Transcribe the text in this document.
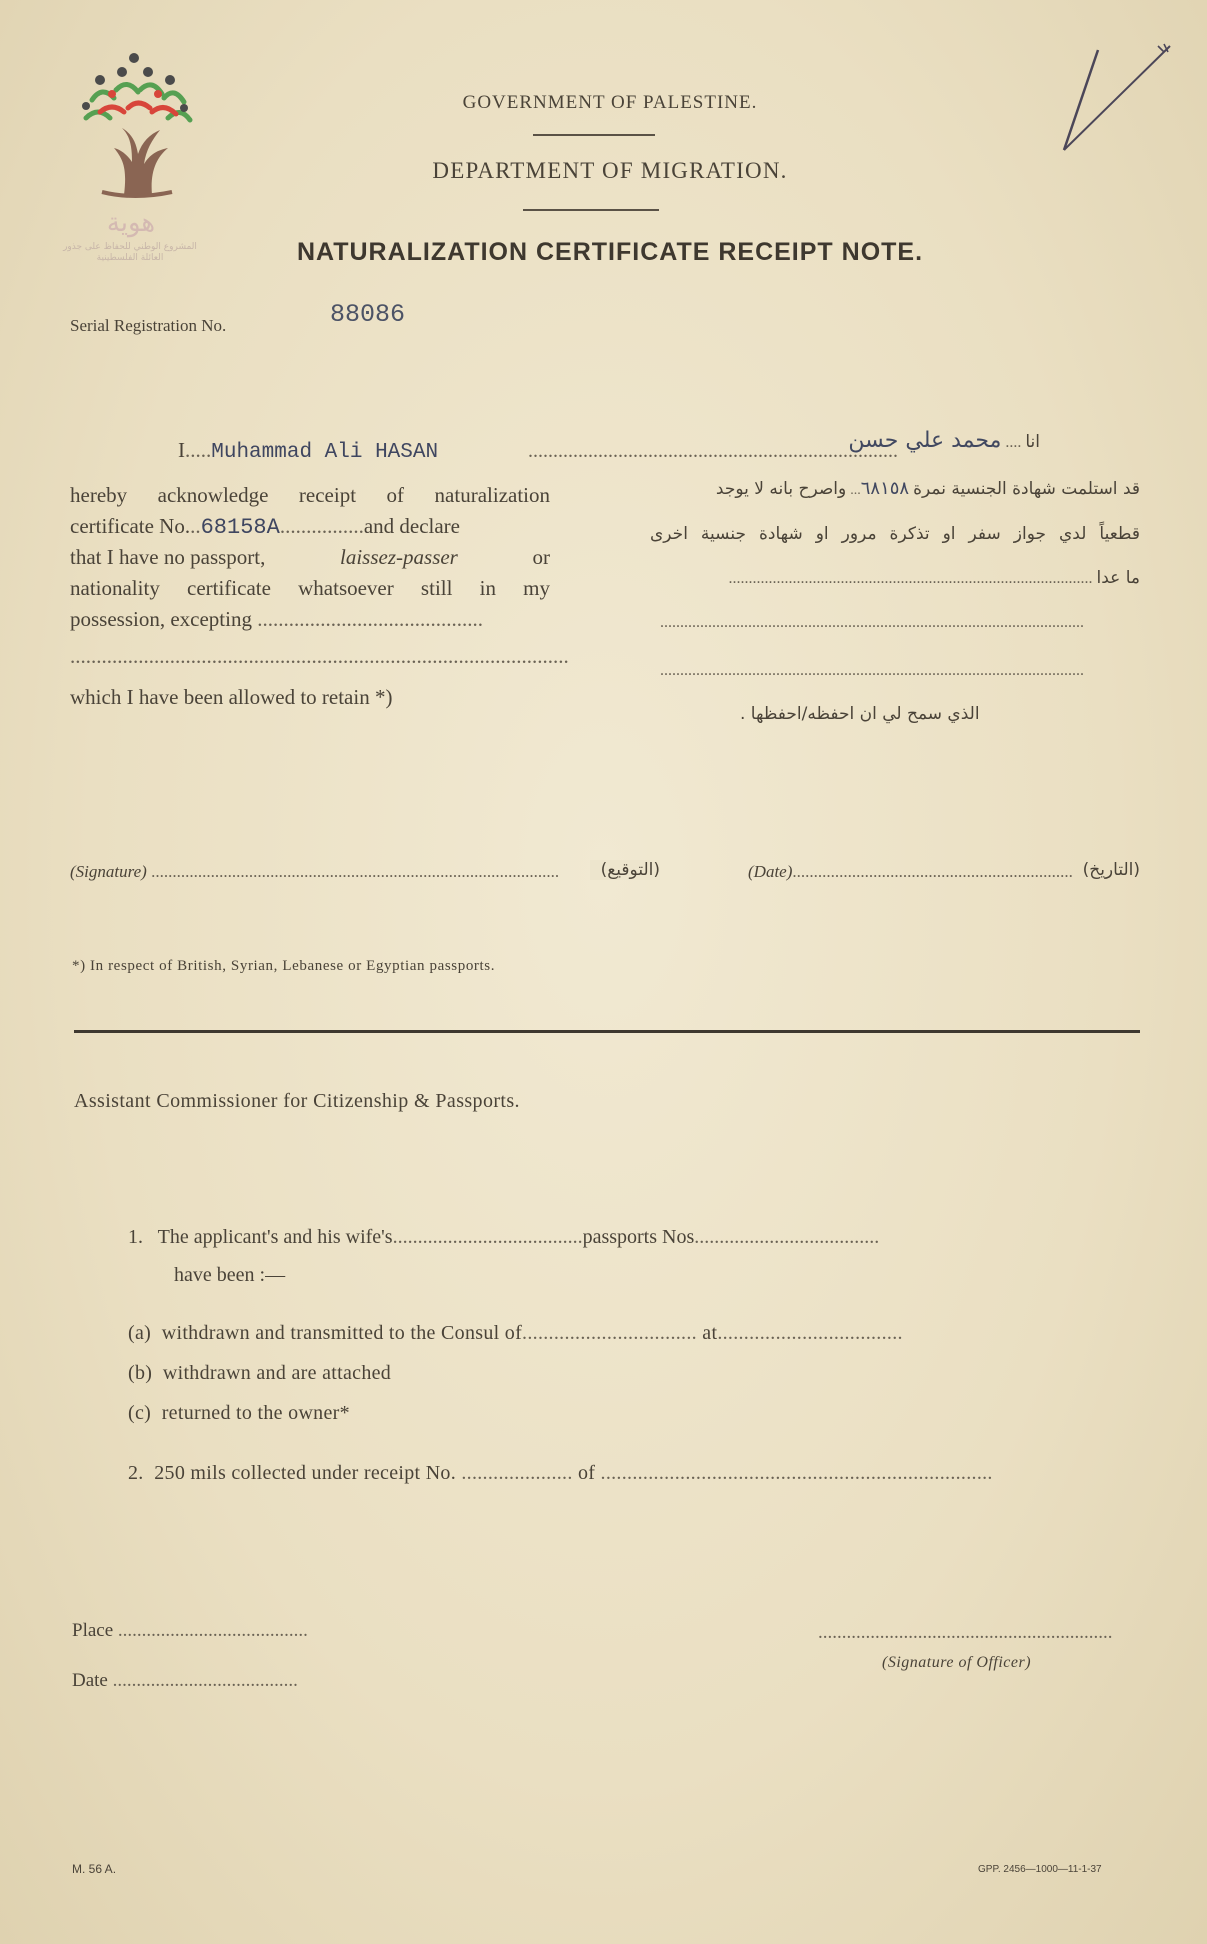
هوية
المشروع الوطني للحفاظ على جذور العائلة الفلسطينية
GOVERNMENT OF PALESTINE.
DEPARTMENT OF MIGRATION.
NATURALIZATION CERTIFICATE RECEIPT NOTE.
Serial Registration No.	88086
I.....Muhammad Ali HASAN	..........................................................................
hereby acknowledge receipt of naturalization
certificate No...68158A................and declare
that I have no passport,	laissez-passer	or
nationality certificate whatsoever still in my
possession, excepting ...........................................
...............................................................................................
which I have been allowed to retain *)
انا .... محمد علي حسن
قد استلمت شهادة الجنسية نمرة ٦٨١٥٨... واصرح بانه لا يوجد
قطعياً لدي جواز سفر او تذكرة مرور او شهادة جنسية اخرى
ما عدا ...........................................................................................
..........................................................................................................
..........................................................................................................
الذي سمح لي ان احفظه/احفظها .
(Signature) ................................................................................................	(التوقيع)	(Date).................................................................. (التاريخ)
*) In respect of British, Syrian, Lebanese or Egyptian passports.
Assistant Commissioner for Citizenship & Passports.
1. The applicant's and his wife's......................................passports Nos.....................................
have been :—
(a) withdrawn and transmitted to the Consul of................................. at...................................
(b) withdrawn and are attached
(c) returned to the owner*
2. 250 mils collected under receipt No. ..................... of ..........................................................................
Place ........................................
Date .......................................
..............................................................
(Signature of Officer)
M. 56 A.	GPP. 2456—1000—11-1-37
